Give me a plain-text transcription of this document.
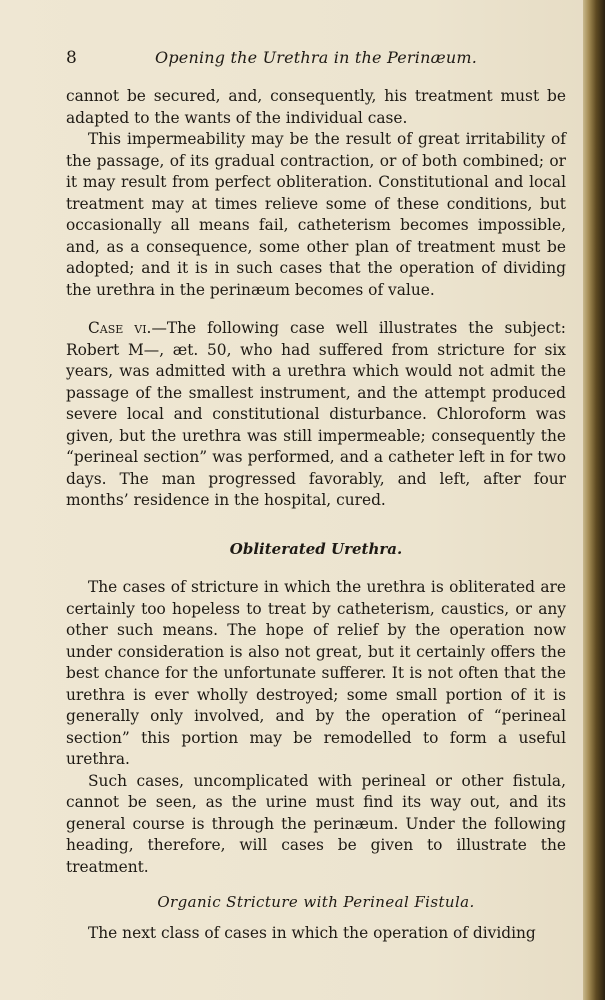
8	Opening the Urethra in the Perinæum.

cannot be secured, and, consequently, his treatment must be adapted to the wants of the individual case.

This impermeability may be the result of great irritability of the passage, of its gradual contraction, or of both combined; or it may result from perfect obliteration. Constitutional and local treatment may at times relieve some of these conditions, but occasionally all means fail, catheterism becomes impossible, and, as a consequence, some other plan of treatment must be adopted; and it is in such cases that the operation of dividing the urethra in the perinæum becomes of value.

Case vi.—The following case well illustrates the subject: Robert M—, æt. 50, who had suffered from stricture for six years, was admitted with a urethra which would not admit the passage of the smallest instrument, and the attempt produced severe local and constitutional disturbance. Chloroform was given, but the urethra was still impermeable; consequently the “perineal section” was performed, and a catheter left in for two days. The man progressed favorably, and left, after four months’ residence in the hospital, cured.

Obliterated Urethra.

The cases of stricture in which the urethra is obliterated are certainly too hopeless to treat by catheterism, caustics, or any other such means. The hope of relief by the operation now under consideration is also not great, but it certainly offers the best chance for the unfortunate sufferer. It is not often that the urethra is ever wholly destroyed; some small portion of it is generally only involved, and by the operation of “perineal section” this portion may be remodelled to form a useful urethra.

Such cases, uncomplicated with perineal or other fistula, cannot be seen, as the urine must find its way out, and its general course is through the perinæum. Under the following heading, therefore, will cases be given to illustrate the treatment.

Organic Stricture with Perineal Fistula.

The next class of cases in which the operation of dividing
